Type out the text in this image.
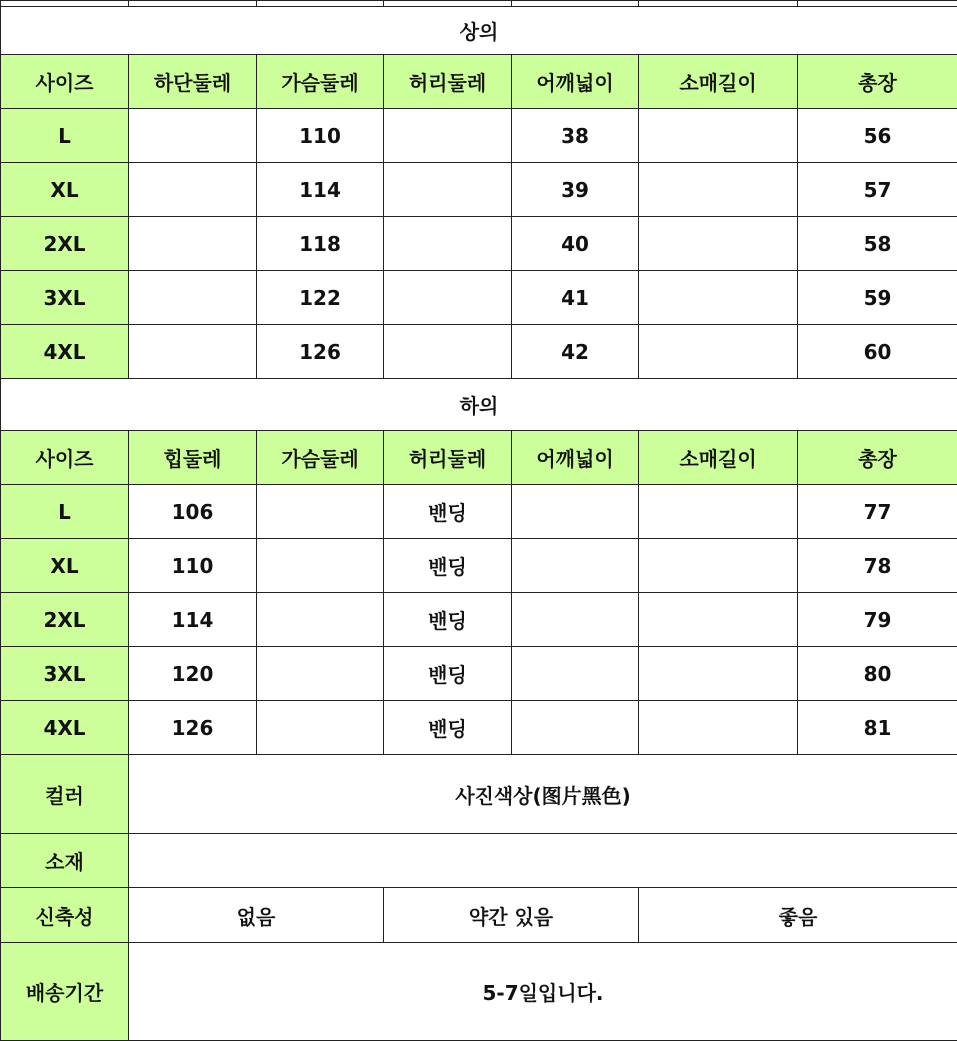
상의						
사이즈	하단둘레	가슴둘레	허리둘레	어깨넓이	소매길이	총장
L		110		38		56
XL		114		39		57
2XL		118		40		58
3XL		122		41		59
4XL		126		42		60
하의						
사이즈	힙둘레	가슴둘레	허리둘레	어깨넓이	소매길이	총장
L	106		밴딩			77
XL	110		밴딩			78
2XL	114		밴딩			79
3XL	120		밴딩			80
4XL	126		밴딩			81
컬러	사진색상(图片黑色)					
소재						
신축성	없음		약간 있음		좋음	
배송기간	5-7일입니다.					
